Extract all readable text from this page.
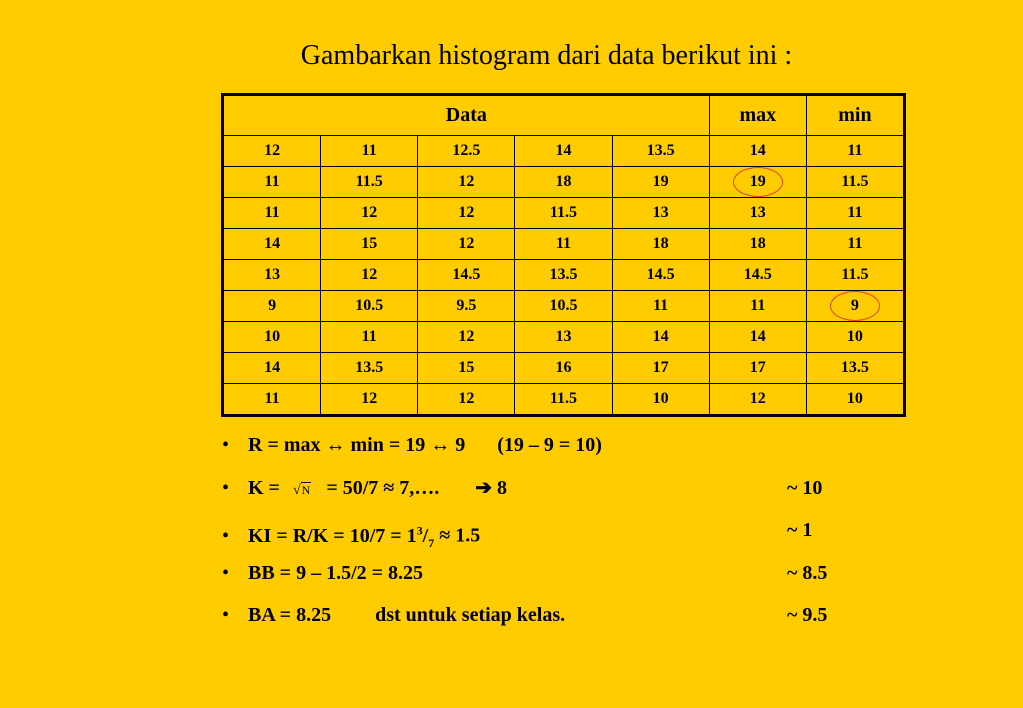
Gambarkan histogram dari data berikut ini :
Data					max	min
12	11	12.5	14	13.5	14	11
11	11.5	12	18	19	19	11.5
11	12	12	11.5	13	13	11
14	15	12	11	18	18	11
13	12	14.5	13.5	14.5	14.5	11.5
9	10.5	9.5	10.5	11	11	9
10	11	12	13	14	14	10
14	13.5	15	16	17	17	13.5
11	12	12	11.5	10	12	10
• R = max ↔ min = 19 ↔ 9 (19 – 9 = 10)
• K = √N = 50/7 ≈ 7,…. ➔ 8	~ 10
• KI = $R/K = 10/7 = 1^3/_7 \approx 1.5$	~ 1
• BB = 9 – 1.5/2 = 8.25	~ 8.5
• BA = 8.25 dst untuk setiap kelas.	~ 9.5
